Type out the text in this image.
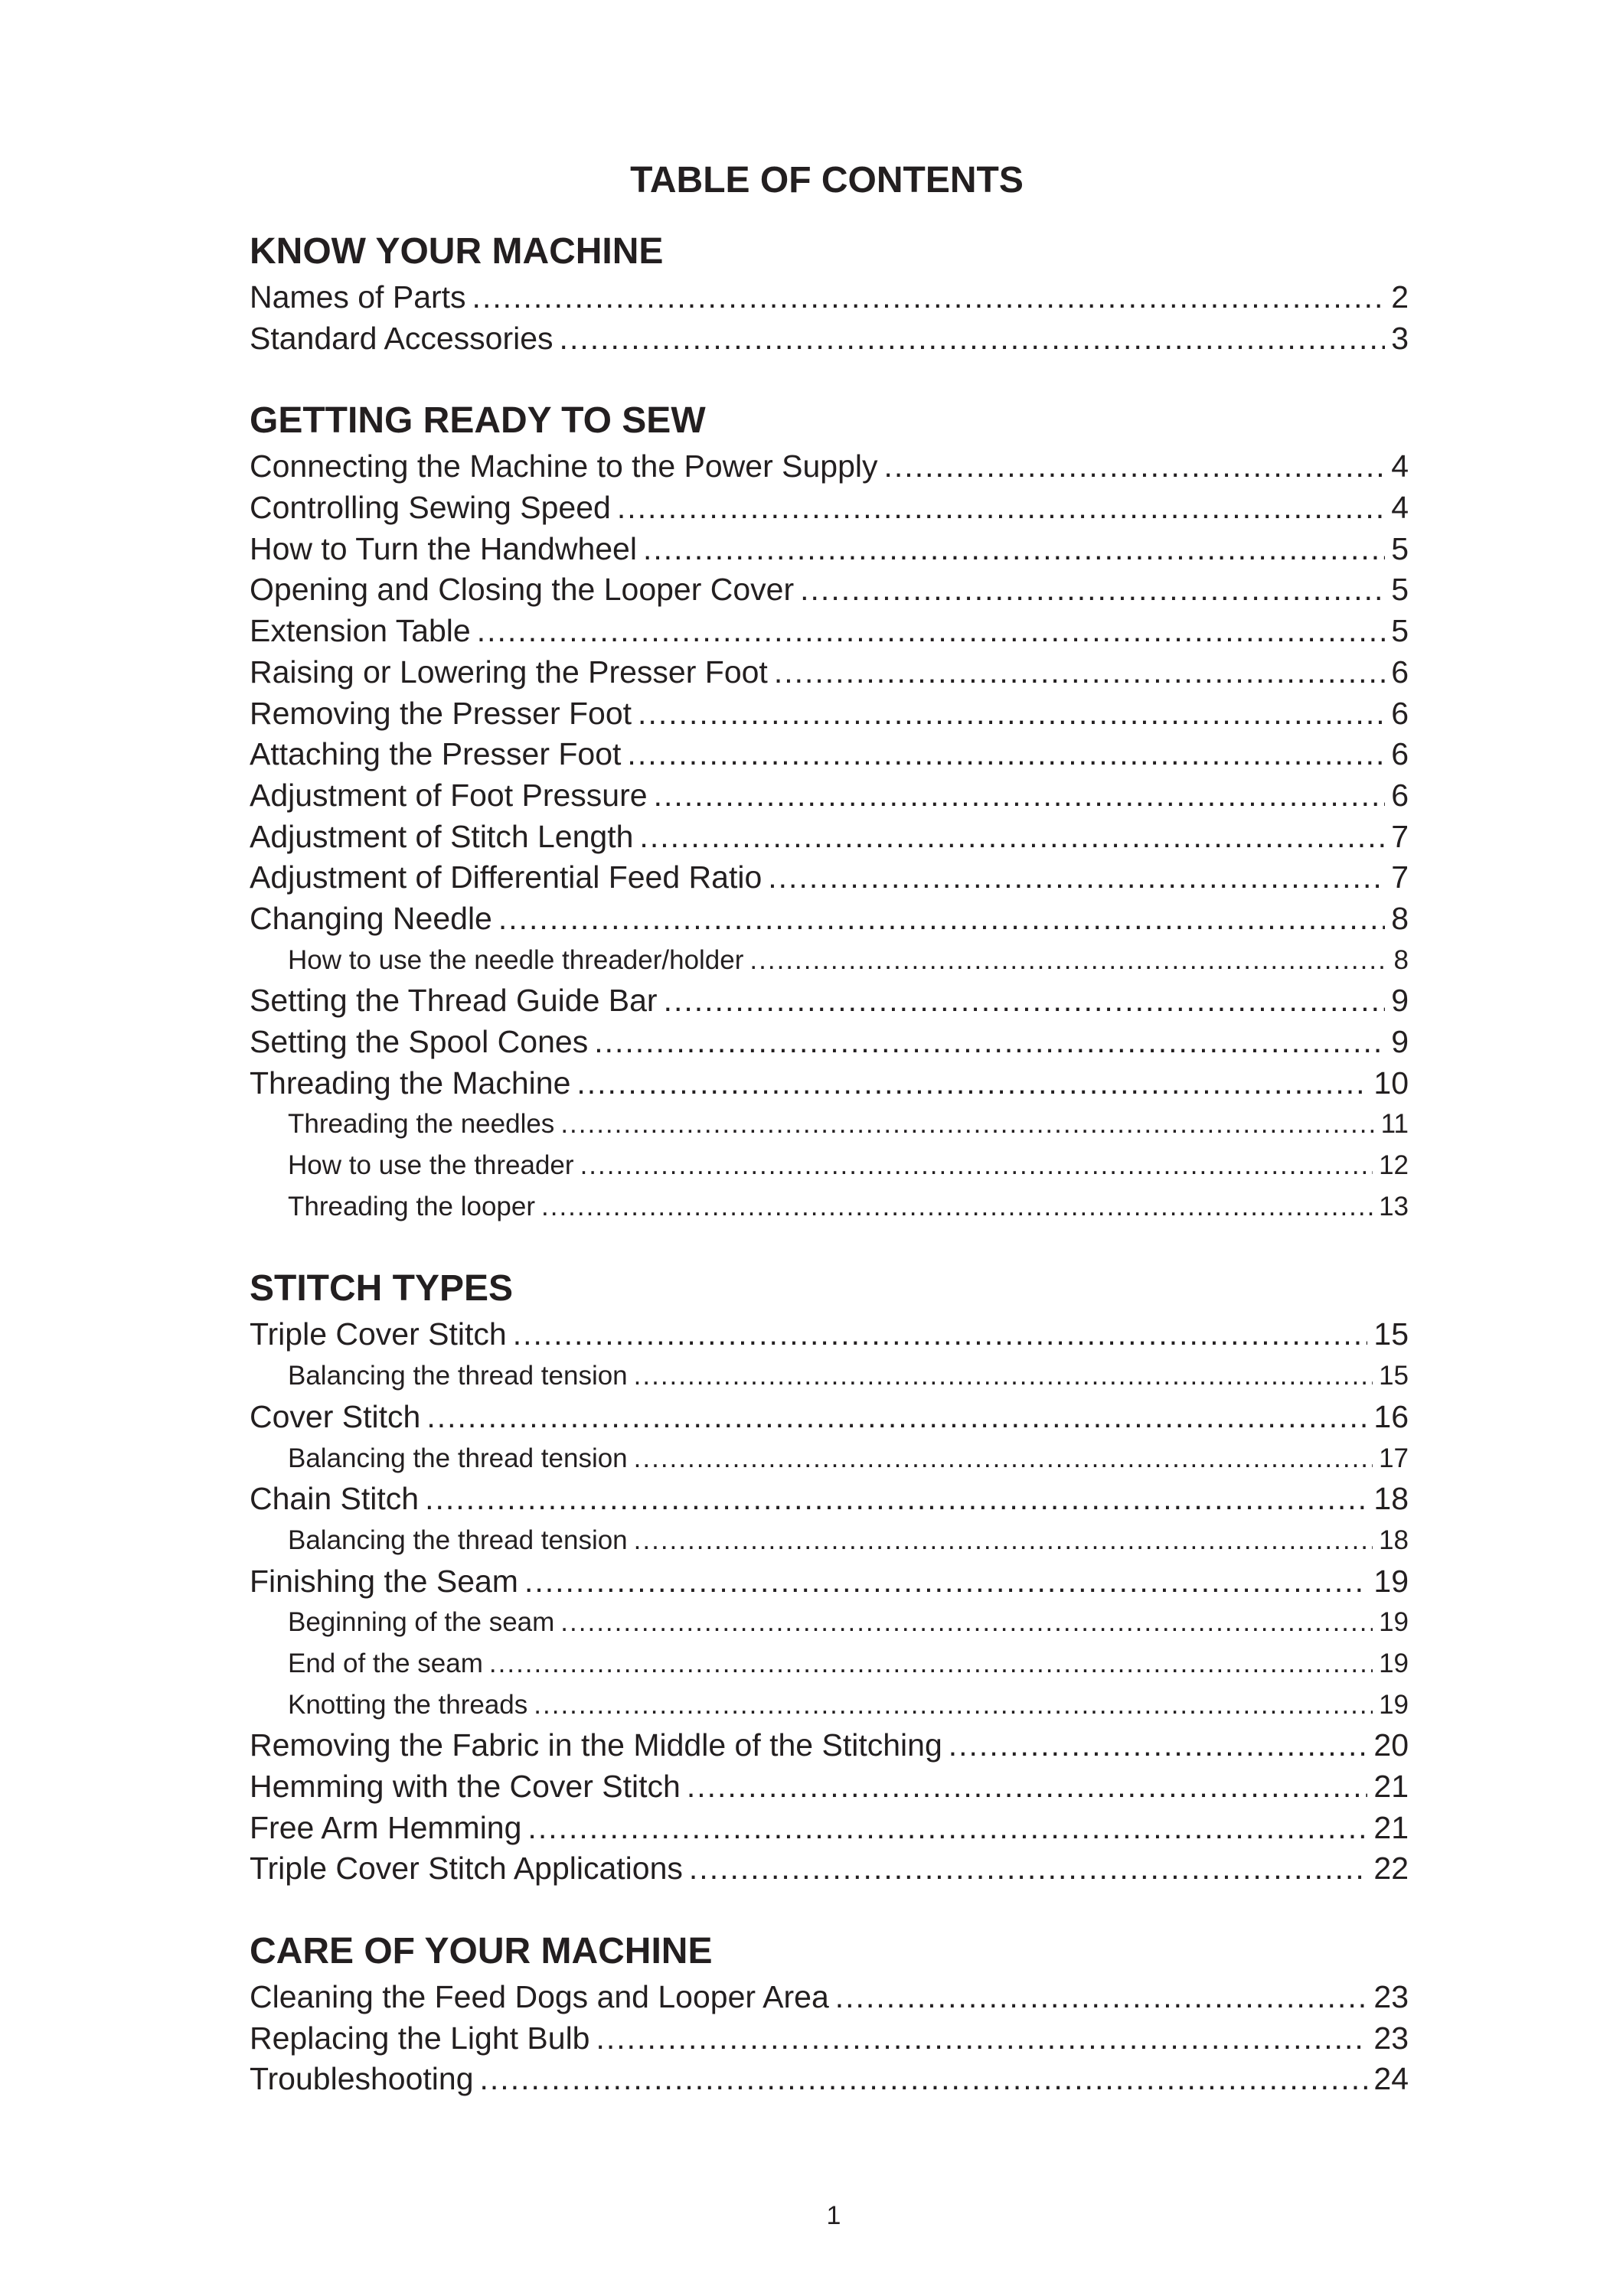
TABLE OF CONTENTS
KNOW YOUR MACHINE
Names of Parts .....	2
Standard Accessories .....	3
GETTING READY TO SEW
Connecting the Machine to the Power Supply .....	4
Controlling Sewing Speed .....	4
How to Turn the Handwheel .....	5
Opening and Closing the Looper Cover .....	5
Extension Table .....	5
Raising or Lowering the Presser Foot .....	6
Removing the Presser Foot .....	6
Attaching the Presser Foot .....	6
Adjustment of Foot Pressure .....	6
Adjustment of Stitch Length .....	7
Adjustment of Differential Feed Ratio .....	7
Changing Needle .....	8
How to use the needle threader/holder .....	8
Setting the Thread Guide Bar .....	9
Setting the Spool Cones .....	9
Threading the Machine .....	10
Threading the needles .....	11
How to use the threader .....	12
Threading the looper .....	13
STITCH TYPES
Triple Cover Stitch .....	15
Balancing the thread tension .....	15
Cover Stitch .....	16
Balancing the thread tension .....	17
Chain Stitch .....	18
Balancing the thread tension .....	18
Finishing the Seam .....	19
Beginning of the seam .....	19
End of the seam .....	19
Knotting the threads .....	19
Removing the Fabric in the Middle of the Stitching .....	20
Hemming with the Cover Stitch .....	21
Free Arm Hemming .....	21
Triple Cover Stitch Applications .....	22
CARE OF YOUR MACHINE
Cleaning the Feed Dogs and Looper Area .....	23
Replacing the Light Bulb .....	23
Troubleshooting .....	24
1
